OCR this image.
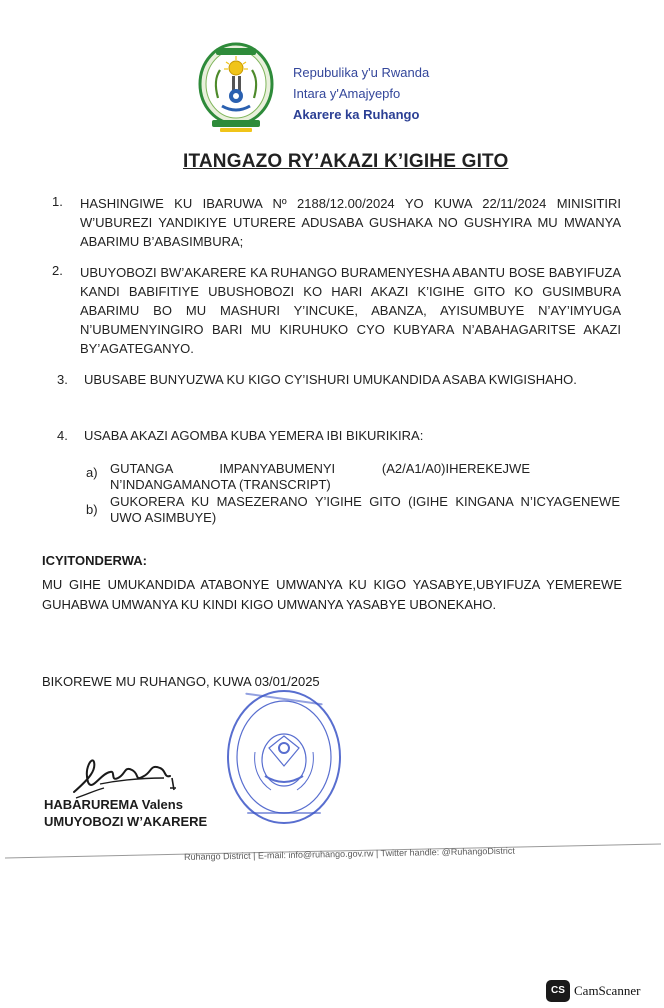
Repubulika y'u Rwanda
Intara y'Amajyepfo
Akarere ka Ruhango
ITANGAZO RY’AKAZI K’IGIHE GITO
1. HASHINGIWE KU IBARUWA Nº 2188/12.00/2024 YO KUWA 22/11/2024 MINISITIRI W’UBUREZI YANDIKIYE UTURERE ADUSABA GUSHAKA NO GUSHYIRA MU MWANYA ABARIMU B’ABASIMBURA;
2. UBUYOBOZI BW’AKARERE KA RUHANGO BURAMENYESHA ABANTU BOSE BABYIFUZA KANDI BABIFITIYE UBUSHOBOZI KO HARI AKAZI K’IGIHE GITO KO GUSIMBURA ABARIMU BO MU MASHURI Y’INCUKE, ABANZA, AYISUMBUYE N’AY’IMYUGA N’UBUMENYINGIRO BARI MU KIRUHUKO CYO KUBYARA N’ABAHAGARITSE AKAZI BY’AGATEGANYO.
3. UBUSABE BUNYUZWA KU KIGO CY’ISHURI UMUKANDIDA ASABA KWIGISHAHO.
4. USABA AKAZI AGOMBA KUBA YEMERA IBI BIKURIKIRA:
a) GUTANGA IMPANYABUMENYI (A2/A1/A0)IHEREKEJWE N’INDANGAMANOTA (TRANSCRIPT)
b)
GUKORERA KU MASEZERANO Y’IGIHE GITO (IGIHE KINGANA N’ICYAGENEWE UWO ASIMBUYE)
ICYITONDERWA:
MU GIHE UMUKANDIDA ATABONYE UMWANYA KU KIGO YASABYE,UBYIFUZA YEMEREWE GUHABWA UMWANYA KU KINDI KIGO UMWANYA YASABYE UBONEKAHO.
BIKOREWE MU RUHANGO, KUWA 03/01/2025
HABARUREMA Valens
UMUYOBOZI W’AKARERE
Ruhango District | E-mail: info@ruhango.gov.rw | Twitter handle: @RuhangoDistrict
CS CamScanner
